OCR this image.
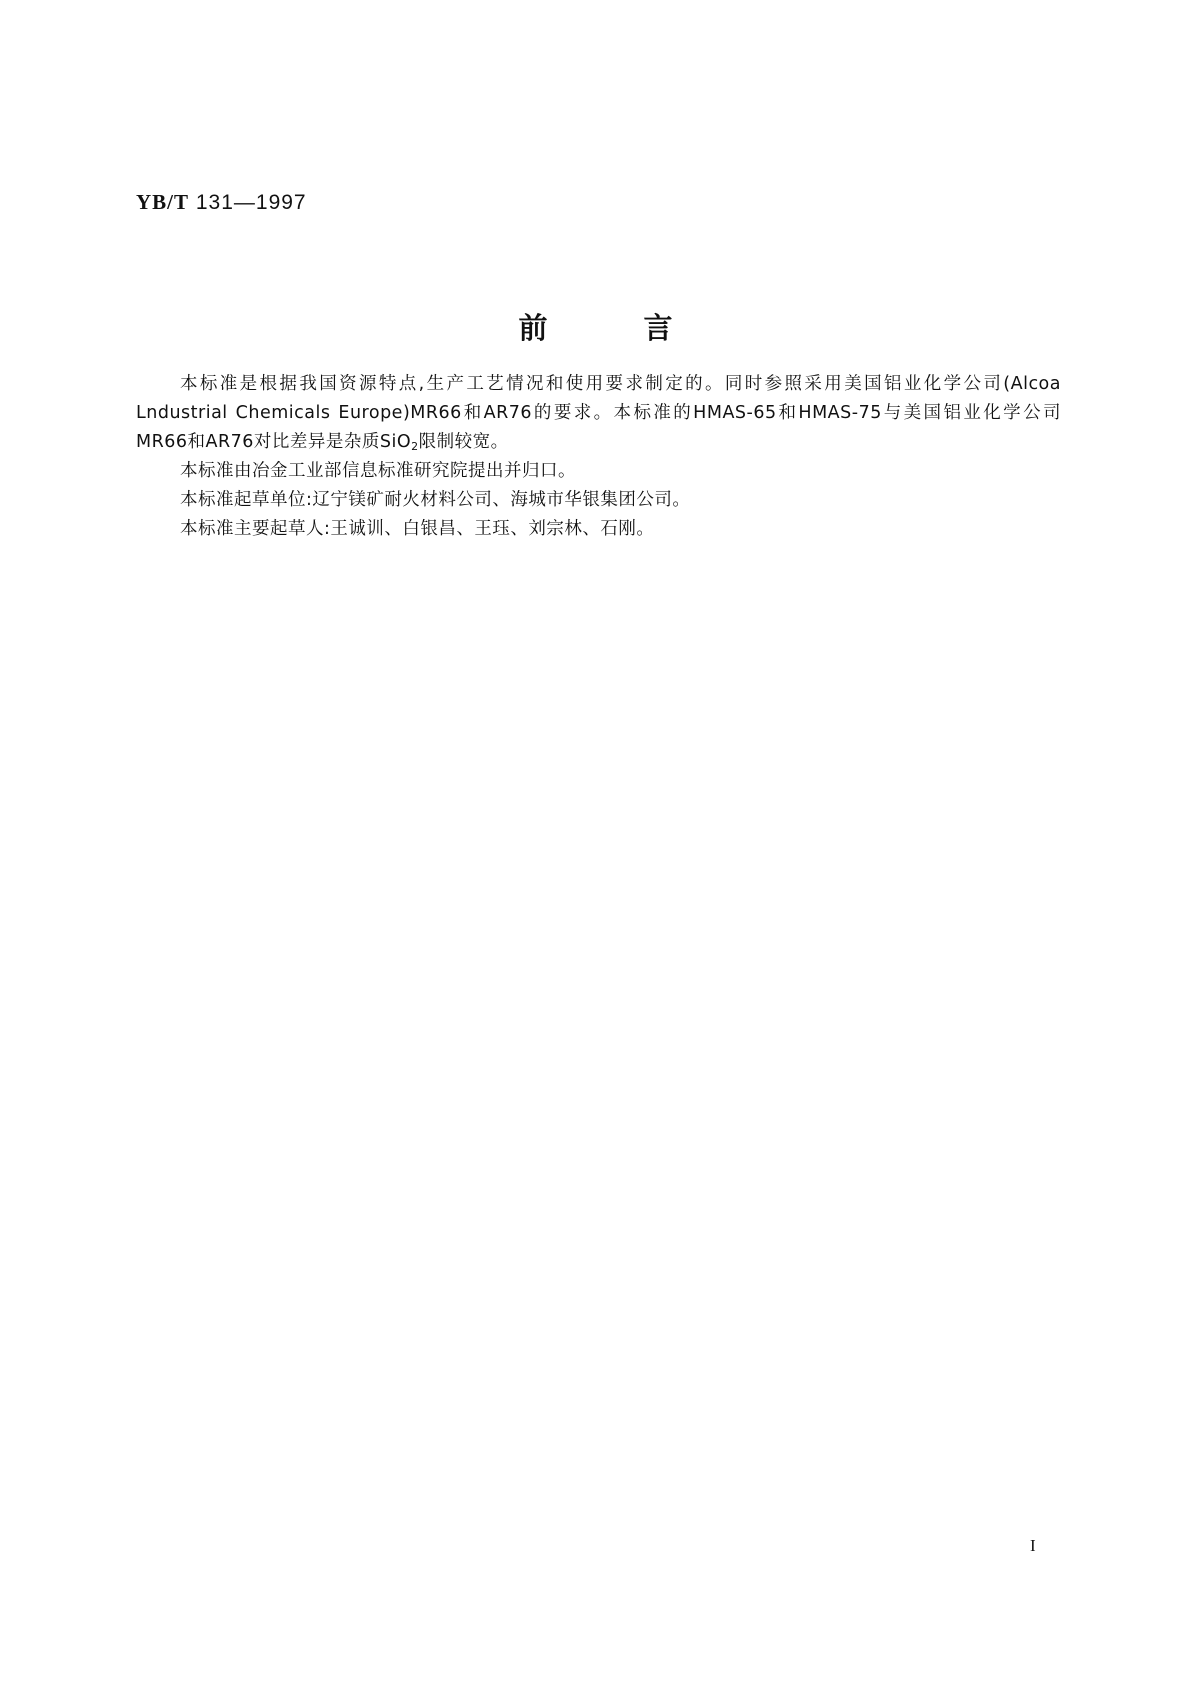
YB/T 131—1997
前	言

本标准是根据我国资源特点,生产工艺情况和使用要求制定的。同时参照采用美国铝业化学公司(Alcoa Lndustrial Chemicals Europe)MR66和AR76的要求。本标准的HMAS-65和HMAS-75与美国铝业化学公司MR66和AR76对比差异是杂质SiO$_2$限制较宽。

本标准由冶金工业部信息标准研究院提出并归口。

本标准起草单位:辽宁镁矿耐火材料公司、海城市华银集团公司。

本标准主要起草人:王诚训、白银昌、王珏、刘宗林、石刚。

I
